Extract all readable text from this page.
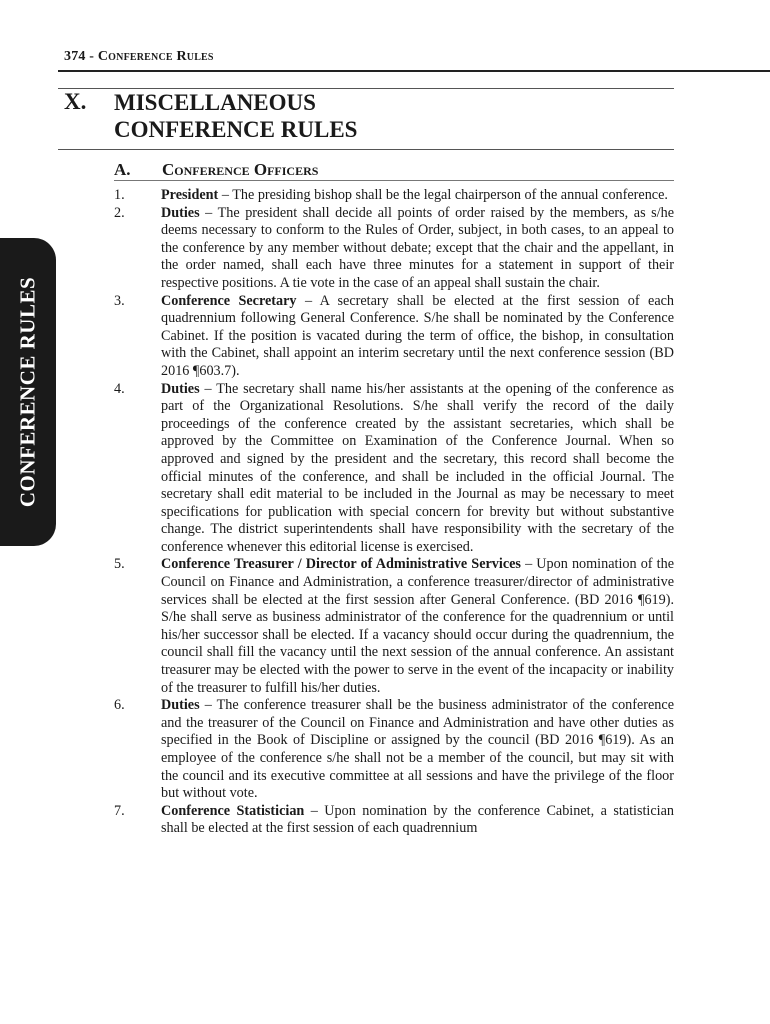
374 - Conference Rules
CONFERENCE RULES
X. MISCELLANEOUS
CONFERENCE RULES
A. Conference Officers
1.	President – The presiding bishop shall be the legal chairperson of the annual conference.
2.	Duties – The president shall decide all points of order raised by the members, as s/he deems necessary to conform to the Rules of Order, subject, in both cases, to an appeal to the conference by any member without debate; except that the chair and the appellant, in the order named, shall each have three minutes for a statement in support of their respective positions. A tie vote in the case of an appeal shall sustain the chair.
3.	Conference Secretary – A secretary shall be elected at the first session of each quadrennium following General Conference. S/he shall be nominated by the Conference Cabinet. If the position is vacated during the term of office, the bishop, in consultation with the Cabinet, shall appoint an interim secretary until the next conference session (BD 2016 ¶603.7).
4.	Duties – The secretary shall name his/her assistants at the opening of the conference as part of the Organizational Resolutions. S/he shall verify the record of the daily proceedings of the conference created by the assistant secretaries, which shall be approved by the Committee on Examination of the Conference Journal. When so approved and signed by the president and the secretary, this record shall become the official minutes of the conference, and shall be included in the official Journal. The secretary shall edit material to be included in the Journal as may be necessary to meet specifications for publication with special concern for brevity but without substantive change. The district superintendents shall have responsibility with the secretary of the conference whenever this editorial license is exercised.
5.	Conference Treasurer / Director of Administrative Services – Upon nomination of the Council on Finance and Administration, a conference treasurer/director of administrative services shall be elected at the first session after General Conference. (BD 2016 ¶619). S/he shall serve as business administrator of the conference for the quadrennium or until his/her successor shall be elected. If a vacancy should occur during the quadrennium, the council shall fill the vacancy until the next session of the annual conference. An assistant treasurer may be elected with the power to serve in the event of the incapacity or inability of the treasurer to fulfill his/her duties.
6.	Duties – The conference treasurer shall be the business administrator of the conference and the treasurer of the Council on Finance and Administration and have other duties as specified in the Book of Discipline or assigned by the council (BD 2016 ¶619). As an employee of the conference s/he shall not be a member of the council, but may sit with the council and its executive committee at all sessions and have the privilege of the floor but without vote.
7.	Conference Statistician – Upon nomination by the conference Cabinet, a statistician shall be elected at the first session of each quadrennium
